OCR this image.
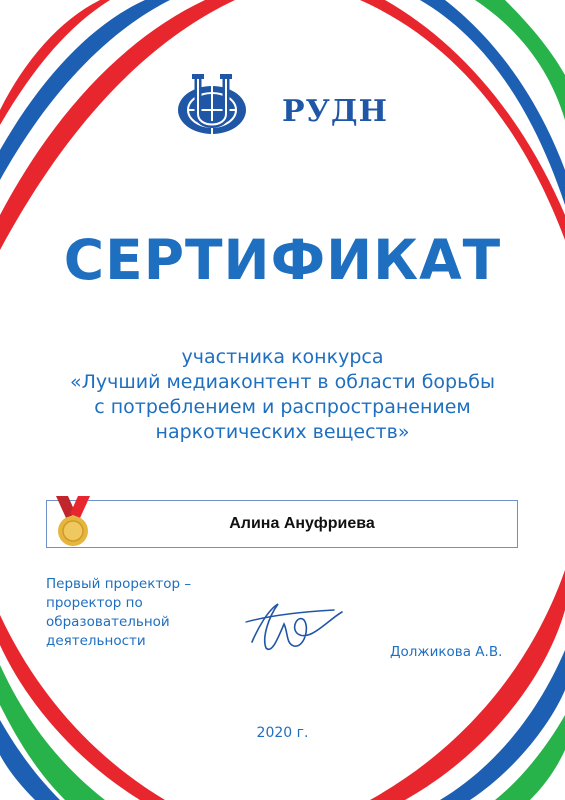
РУДН
СЕРТИФИКАТ
участника конкурса
«Лучший медиаконтент в области борьбы
с потреблением и распространением
наркотических веществ»
Алина Ануфриева
Первый проректор –
проректор по
образовательной
деятельности
Должикова А.В.
2020 г.
